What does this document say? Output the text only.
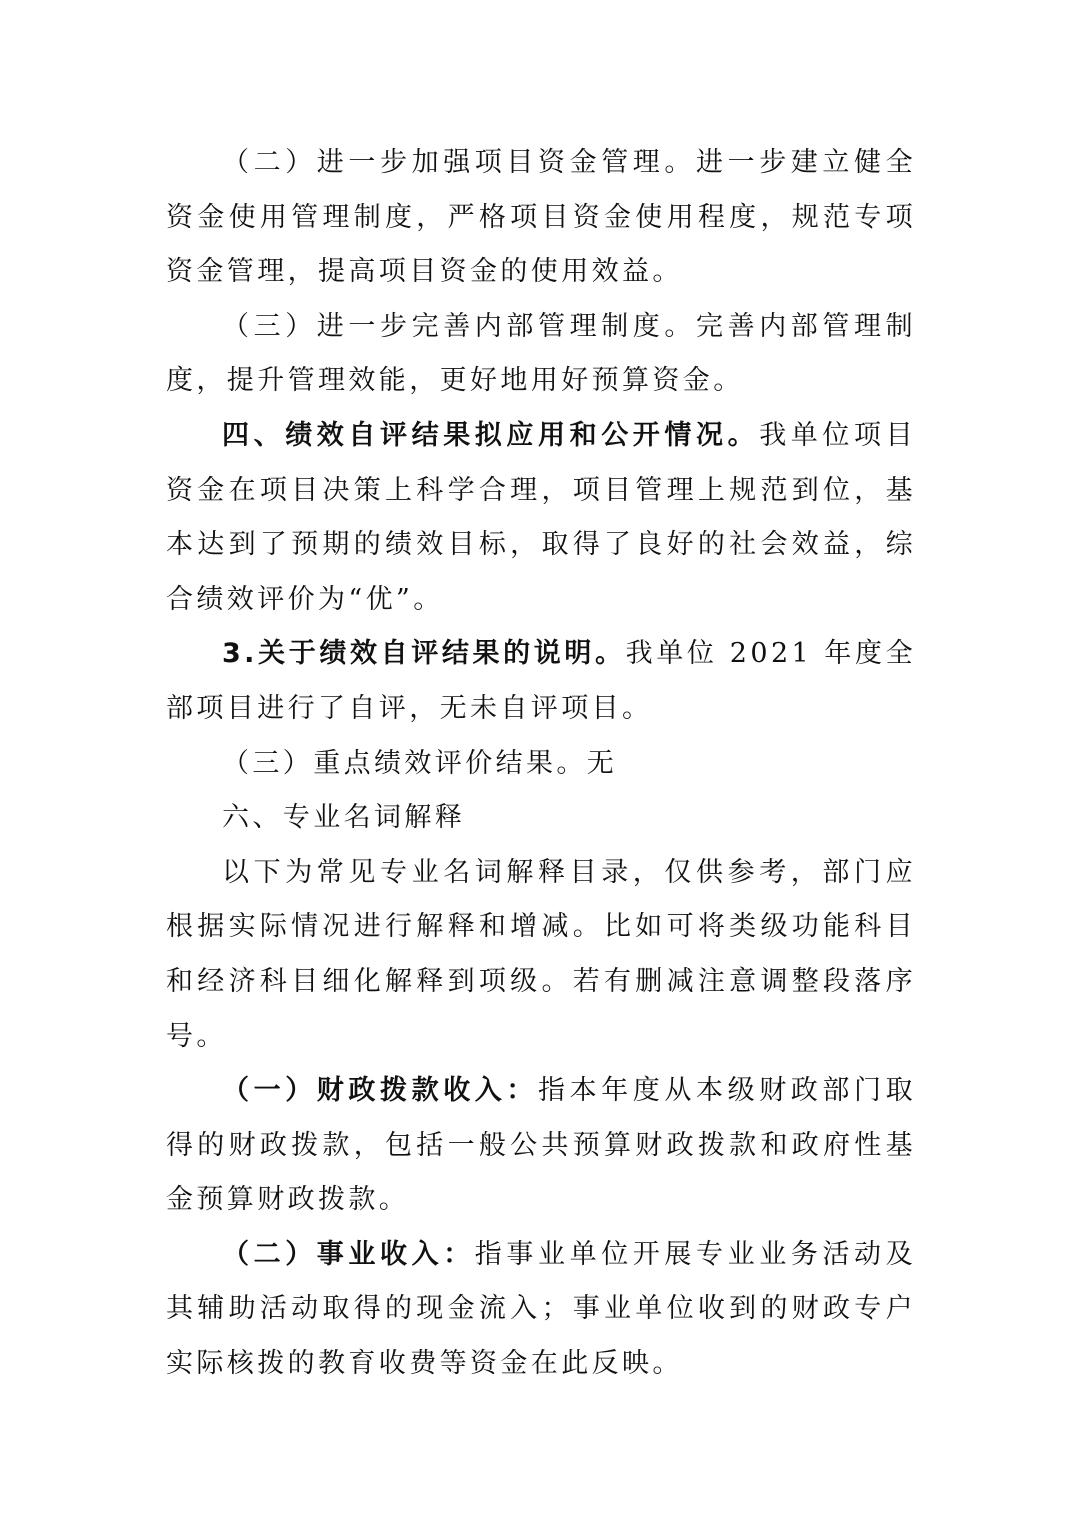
（二）进一步加强项目资金管理。进一步建立健全资金使用管理制度，严格项目资金使用程度，规范专项资金管理，提高项目资金的使用效益。

（三）进一步完善内部管理制度。完善内部管理制度，提升管理效能，更好地用好预算资金。

四、绩效自评结果拟应用和公开情况。我单位项目资金在项目决策上科学合理，项目管理上规范到位，基本达到了预期的绩效目标，取得了良好的社会效益，综合绩效评价为“优”。

3.关于绩效自评结果的说明。我单位 2021 年度全部项目进行了自评，无未自评项目。

（三）重点绩效评价结果。无

六、专业名词解释

以下为常见专业名词解释目录，仅供参考，部门应根据实际情况进行解释和增减。比如可将类级功能科目和经济科目细化解释到项级。若有删减注意调整段落序号。

（一）财政拨款收入：指本年度从本级财政部门取得的财政拨款，包括一般公共预算财政拨款和政府性基金预算财政拨款。

（二）事业收入：指事业单位开展专业业务活动及其辅助活动取得的现金流入；事业单位收到的财政专户实际核拨的教育收费等资金在此反映。
